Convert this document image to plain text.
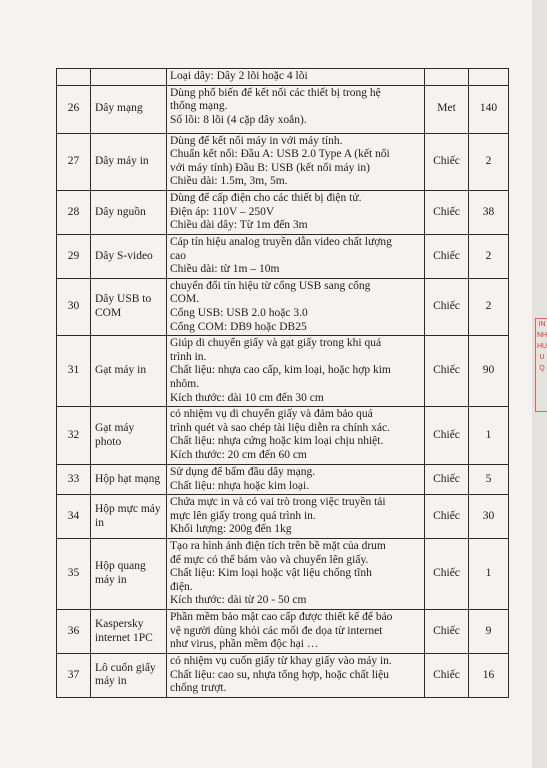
		Loại dây: Dây 2 lõi hoặc 4 lõi		

26	Dây mạng	Dùng phổ biến để kết nối các thiết bị trong hệ
thống mạng.
Số lõi: 8 lõi (4 cặp dây xoắn).	Met	140
27	Dây máy in	Dùng để kết nối máy in với máy tính.
Chuẩn kết nối: Đầu A: USB 2.0 Type A (kết nối
với máy tính) Đầu B: USB (kết nối máy in)
Chiều dài: 1.5m, 3m, 5m.	Chiếc	2
28	Dây nguồn	Dùng để cấp điện cho các thiết bị điện tử.
Điện áp: 110V – 250V
Chiều dài dây: Từ 1m đến 3m	Chiếc	38
29	Dây S-video	Cáp tín hiệu analog truyền dẫn video chất lượng
cao
Chiều dài: từ 1m – 10m	Chiếc	2
30	Dây USB to COM	chuyển đổi tín hiệu từ cổng USB sang cổng
COM.
Cổng USB: USB 2.0 hoặc 3.0
Cổng COM: DB9 hoặc DB25	Chiếc	2
31	Gạt máy in	Giúp di chuyển giấy và gạt giấy trong khi quá
trình in.
Chất liệu: nhựa cao cấp, kim loại, hoặc hợp kim
nhôm.
Kích thước: dài 10 cm đến 30 cm	Chiếc	90
32	Gạt máy photo	có nhiệm vụ di chuyển giấy và đảm bảo quá
trình quét và sao chép tài liệu diễn ra chính xác.
Chất liệu: nhựa cứng hoặc kim loại chịu nhiệt.
Kích thước: 20 cm đến 60 cm	Chiếc	1
33	Hộp hạt mạng	Sử dụng để bấm đầu dây mạng.
Chất liệu: nhựa hoặc kim loại.	Chiếc	5
34	Hộp mực máy in	Chứa mực in và có vai trò trong việc truyền tải
mực lên giấy trong quá trình in.
Khối lượng: 200g đến 1kg	Chiếc	30
35	Hộp quang máy in	Tạo ra hình ảnh điện tích trên bề mặt của drum
để mực có thể bám vào và chuyển lên giấy.
Chất liệu: Kim loại hoặc vật liệu chống tĩnh
điện.
Kích thước: dài từ 20 - 50 cm	Chiếc	1
36	Kaspersky internet 1PC	Phần mềm bảo mật cao cấp được thiết kế để bảo
vệ người dùng khỏi các mối đe dọa từ internet
như virus, phần mềm độc hại …	Chiếc	9
37	Lô cuốn giấy máy in	có nhiệm vụ cuốn giấy từ khay giấy vào máy in.
Chất liệu: cao su, nhựa tổng hợp, hoặc chất liệu
chống trượt.	Chiếc	16
IN
NH
HU
U Q
